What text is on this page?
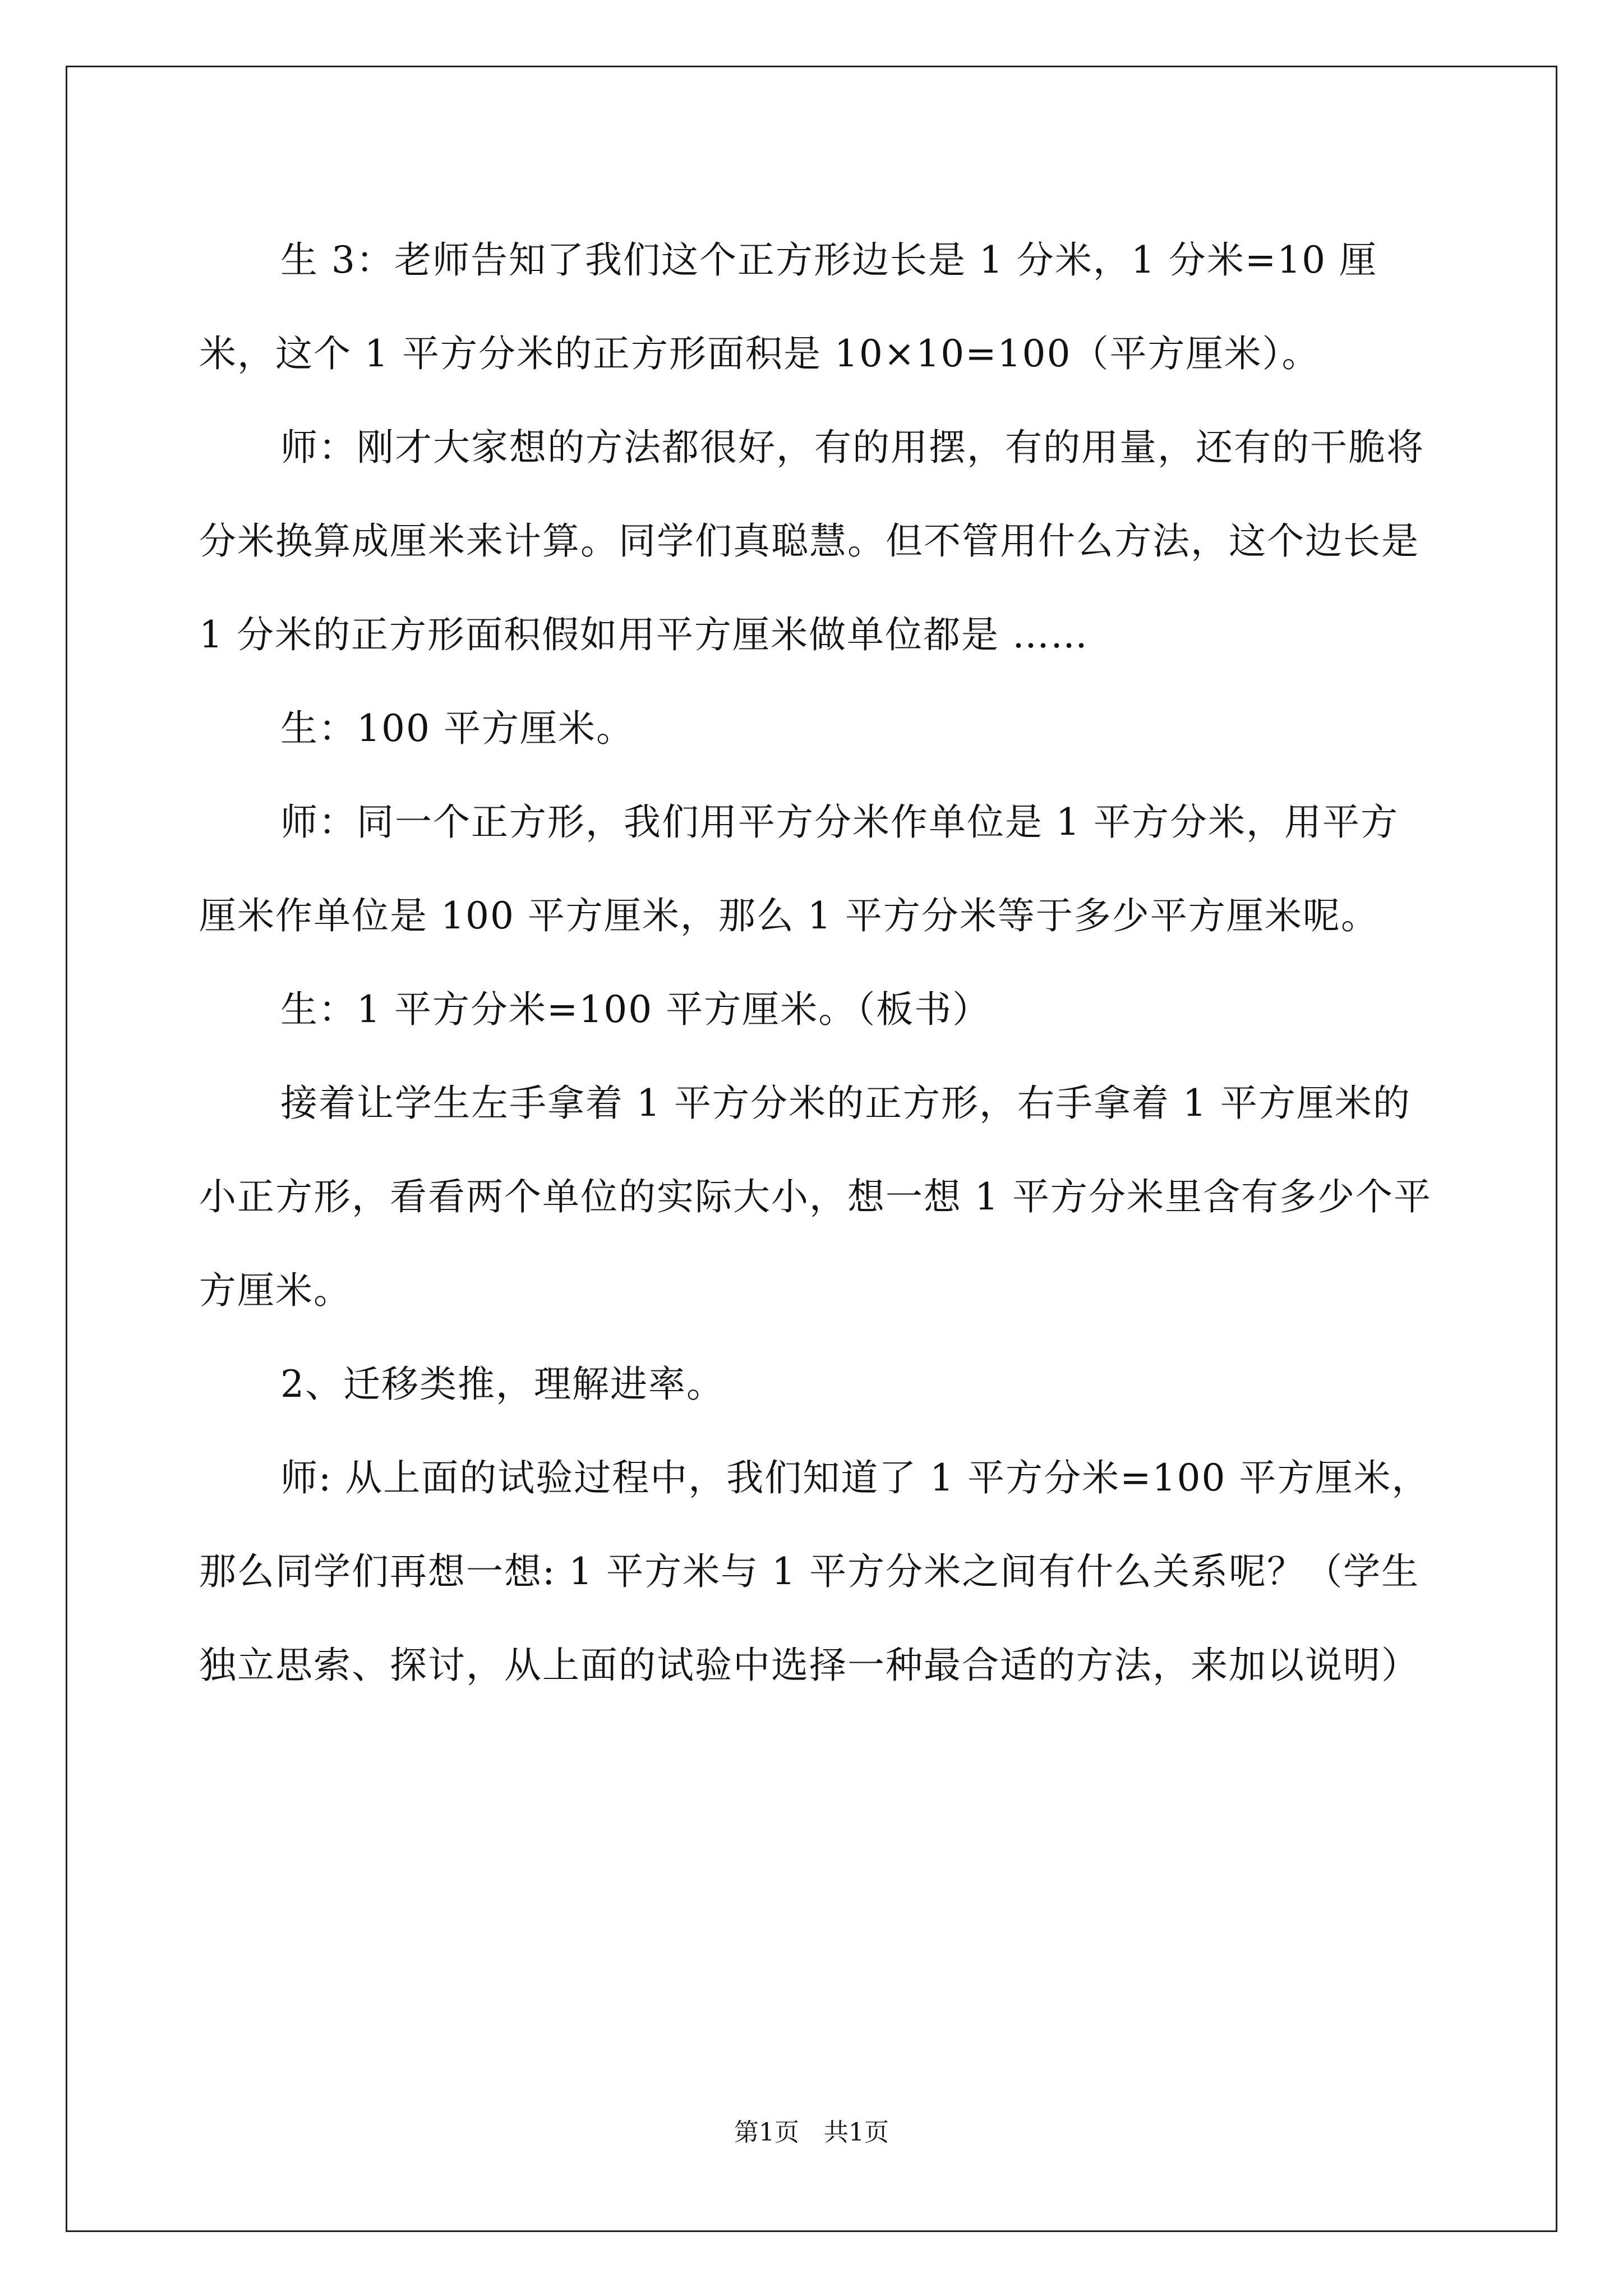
生 3：老师告知了我们这个正方形边长是 1 分米，1 分米=10 厘米，这个 1 平方分米的正方形面积是 10×10=100（平方厘米）。

师：刚才大家想的方法都很好，有的用摆，有的用量，还有的干脆将分米换算成厘米来计算。同学们真聪慧。但不管用什么方法，这个边长是 1 分米的正方形面积假如用平方厘米做单位都是 ……

生：100 平方厘米。

师：同一个正方形，我们用平方分米作单位是 1 平方分米，用平方厘米作单位是 100 平方厘米，那么 1 平方分米等于多少平方厘米呢。

生：1 平方分米=100 平方厘米。（板书）

接着让学生左手拿着 1 平方分米的正方形，右手拿着 1 平方厘米的小正方形，看看两个单位的实际大小，想一想 1 平方分米里含有多少个平方厘米。

2、迁移类推，理解进率。

师: 从上面的试验过程中，我们知道了 1 平方分米=100 平方厘米，那么同学们再想一想: 1 平方米与 1 平方分米之间有什么关系呢？（学生独立思索、探讨，从上面的试验中选择一种最合适的方法，来加以说明）

第1页　共1页
